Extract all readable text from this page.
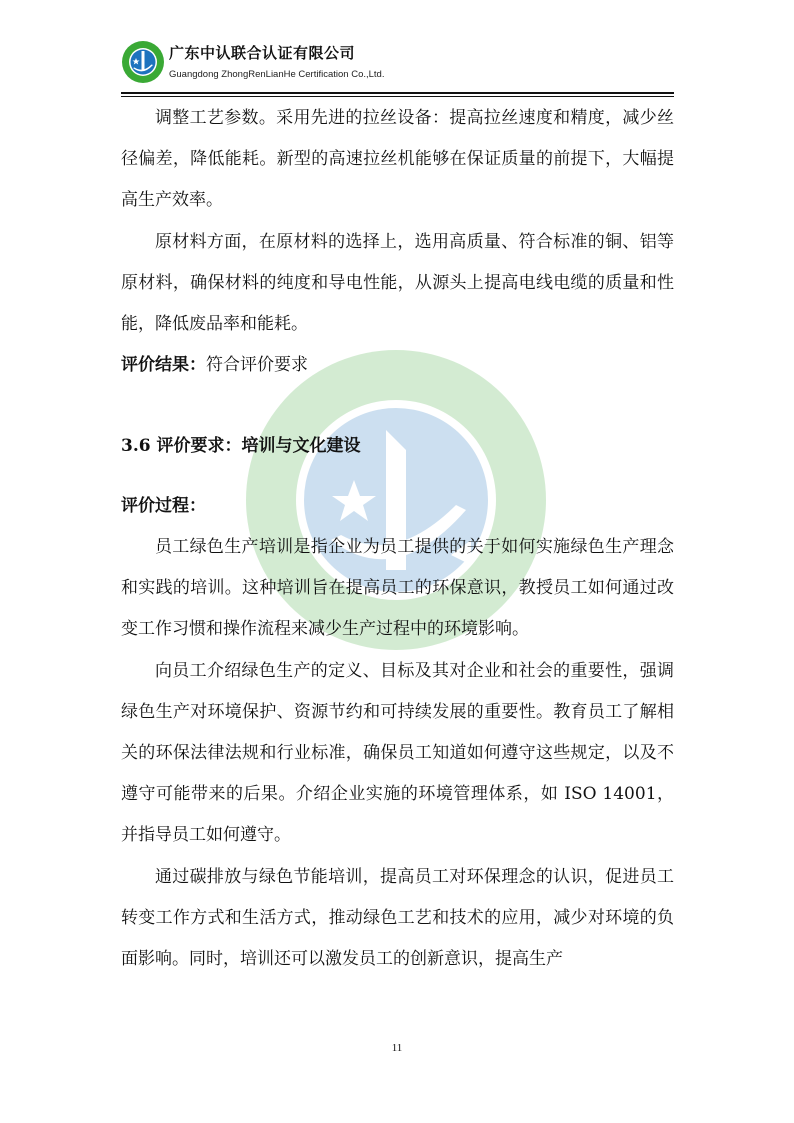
广东中认联合认证有限公司
Guangdong ZhongRenLianHe Certification Co.,Ltd.

调整工艺参数。采用先进的拉丝设备：提高拉丝速度和精度，减少丝径偏差，降低能耗。新型的高速拉丝机能够在保证质量的前提下，大幅提高生产效率。

原材料方面，在原材料的选择上，选用高质量、符合标准的铜、铝等原材料，确保材料的纯度和导电性能，从源头上提高电线电缆的质量和性能，降低废品率和能耗。

评价结果：符合评价要求

3.6 评价要求：培训与文化建设

评价过程：

员工绿色生产培训是指企业为员工提供的关于如何实施绿色生产理念和实践的培训。这种培训旨在提高员工的环保意识，教授员工如何通过改变工作习惯和操作流程来减少生产过程中的环境影响。

向员工介绍绿色生产的定义、目标及其对企业和社会的重要性，强调绿色生产对环境保护、资源节约和可持续发展的重要性。教育员工了解相关的环保法律法规和行业标准，确保员工知道如何遵守这些规定，以及不遵守可能带来的后果。介绍企业实施的环境管理体系，如 ISO 14001，并指导员工如何遵守。

通过碳排放与绿色节能培训，提高员工对环保理念的认识，促进员工转变工作方式和生活方式，推动绿色工艺和技术的应用，减少对环境的负面影响。同时，培训还可以激发员工的创新意识，提高生产

11
